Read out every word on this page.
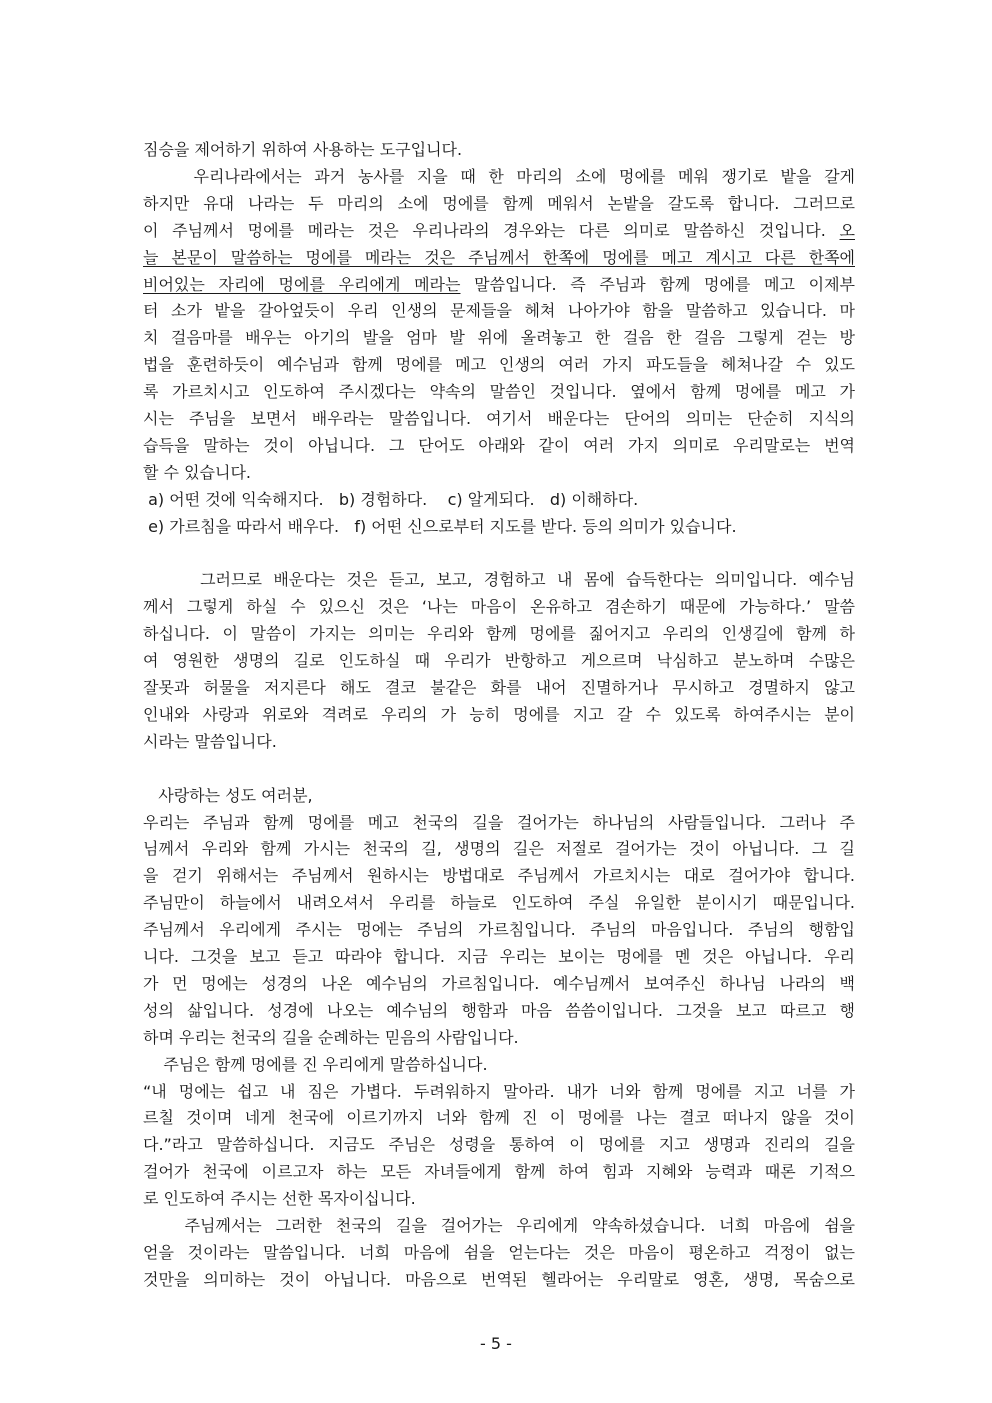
짐승을 제어하기 위하여 사용하는 도구입니다.
우리나라에서는 과거 농사를 지을 때 한 마리의 소에 멍에를 메워 쟁기로 밭을 갈게
하지만 유대 나라는 두 마리의 소에 멍에를 함께 메워서 논밭을 갈도록 합니다. 그러므로
이 주님께서 멍에를 메라는 것은 우리나라의 경우와는 다른 의미로 말씀하신 것입니다. 오
늘 본문이 말씀하는 멍에를 메라는 것은 주님께서 한쪽에 멍에를 메고 계시고 다른 한쪽에
비어있는 자리에 멍에를 우리에게 메라는 말씀입니다. 즉 주님과 함께 멍에를 메고 이제부
터 소가 밭을 갈아엎듯이 우리 인생의 문제들을 헤쳐 나아가야 함을 말씀하고 있습니다. 마
치 걸음마를 배우는 아기의 발을 엄마 발 위에 올려놓고 한 걸음 한 걸음 그렇게 걷는 방
법을 훈련하듯이 예수님과 함께 멍에를 메고 인생의 여러 가지 파도들을 헤쳐나갈 수 있도
록 가르치시고 인도하여 주시겠다는 약속의 말씀인 것입니다. 옆에서 함께 멍에를 메고 가
시는 주님을 보면서 배우라는 말씀입니다. 여기서 배운다는 단어의 의미는 단순히 지식의
습득을 말하는 것이 아닙니다. 그 단어도 아래와 같이 여러 가지 의미로 우리말로는 번역
할 수 있습니다.
a) 어떤 것에 익숙해지다.   b) 경험하다.    c) 알게되다.   d) 이해하다.
e) 가르침을 따라서 배우다.   f) 어떤 신으로부터 지도를 받다. 등의 의미가 있습니다.
그러므로 배운다는 것은 듣고, 보고, 경험하고 내 몸에 습득한다는 의미입니다. 예수님
께서 그렇게 하실 수 있으신 것은 ‘나는 마음이 온유하고 겸손하기 때문에 가능하다.’ 말씀
하십니다. 이 말씀이 가지는 의미는 우리와 함께 멍에를 짊어지고 우리의 인생길에 함께 하
여 영원한 생명의 길로 인도하실 때 우리가 반항하고 게으르며 낙심하고 분노하며 수많은
잘못과 허물을 저지른다 해도 결코 불같은 화를 내어 진멸하거나 무시하고 경멸하지 않고
인내와 사랑과 위로와 격려로 우리의 가 능히 멍에를 지고 갈 수 있도록 하여주시는 분이
시라는 말씀입니다.
사랑하는 성도 여러분,
우리는 주님과 함께 멍에를 메고 천국의 길을 걸어가는 하나님의 사람들입니다. 그러나 주
님께서 우리와 함께 가시는 천국의 길, 생명의 길은 저절로 걸어가는 것이 아닙니다. 그 길
을 걷기 위해서는 주님께서 원하시는 방법대로 주님께서 가르치시는 대로 걸어가야 합니다.
주님만이 하늘에서 내려오셔서 우리를 하늘로 인도하여 주실 유일한 분이시기 때문입니다.
주님께서 우리에게 주시는 멍에는 주님의 가르침입니다. 주님의 마음입니다. 주님의 행함입
니다. 그것을 보고 듣고 따라야 합니다. 지금 우리는 보이는 멍에를 멘 것은 아닙니다. 우리
가 먼 멍에는 성경의 나온 예수님의 가르침입니다. 예수님께서 보여주신 하나님 나라의 백
성의 삶입니다. 성경에 나오는 예수님의 행함과 마음 씀씀이입니다. 그것을 보고 따르고 행
하며 우리는 천국의 길을 순례하는 믿음의 사람입니다.
주님은 함께 멍에를 진 우리에게 말씀하십니다.
“내 멍에는 쉽고 내 짐은 가볍다. 두려워하지 말아라. 내가 너와 함께 멍에를 지고 너를 가
르칠 것이며 네게 천국에 이르기까지 너와 함께 진 이 멍에를 나는 결코 떠나지 않을 것이
다.”라고 말씀하십니다. 지금도 주님은 성령을 통하여 이 멍에를 지고 생명과 진리의 길을
걸어가 천국에 이르고자 하는 모든 자녀들에게 함께 하여 힘과 지혜와 능력과 때론 기적으
로 인도하여 주시는 선한 목자이십니다.
주님께서는 그러한 천국의 길을 걸어가는 우리에게 약속하셨습니다. 너희 마음에 쉼을
얻을 것이라는 말씀입니다. 너희 마음에 쉼을 얻는다는 것은 마음이 평온하고 걱정이 없는
것만을 의미하는 것이 아닙니다. 마음으로 번역된 헬라어는 우리말로 영혼, 생명, 목숨으로
- 5 -
